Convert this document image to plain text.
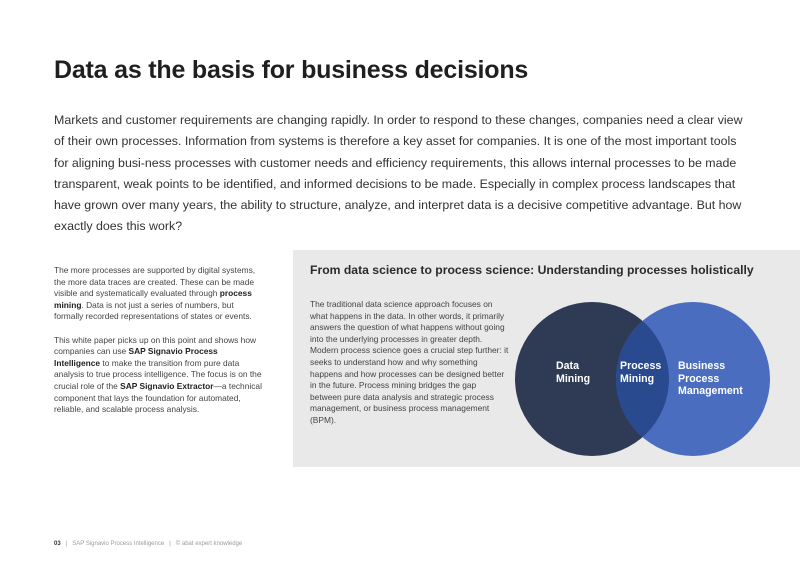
Data as the basis for business decisions

Markets and customer requirements are changing rapidly. In order to respond to these changes, companies need a clear view of their own processes. Information from systems is therefore a key asset for companies. It is one of the most important tools for aligning busi-ness processes with customer needs and efficiency requirements, this allows internal processes to be made transparent, weak points to be identified, and informed decisions to be made. Especially in complex process landscapes that have grown over many years, the ability to structure, analyze, and interpret data is a decisive competitive advantage. But how exactly does this work?

The more processes are supported by digital systems, the more data traces are created. These can be made visible and systematically evaluated through process mining. Data is not just a series of numbers, but formally recorded representations of states or events.

This white paper picks up on this point and shows how companies can use SAP Signavio Process Intelligence to make the transition from pure data analysis to true process intelligence. The focus is on the crucial role of the SAP Signavio Extractor—a technical component that lays the foundation for automated, reliable, and scalable process analysis.

From data science to process science: Understanding processes holistically

The traditional data science approach focuses on what happens in the data. In other words, it primarily answers the question of what happens without going into the underlying processes in greater depth. Modern process science goes a crucial step further: it seeks to understand how and why something happens and how processes can be designed better in the future. Process mining bridges the gap between pure data analysis and strategic process management, or business process management (BPM).

Data
Mining
Process
Mining
Business
Process
Management
03 | SAP Signavio Process Intelligence | © abat expert knowledge
